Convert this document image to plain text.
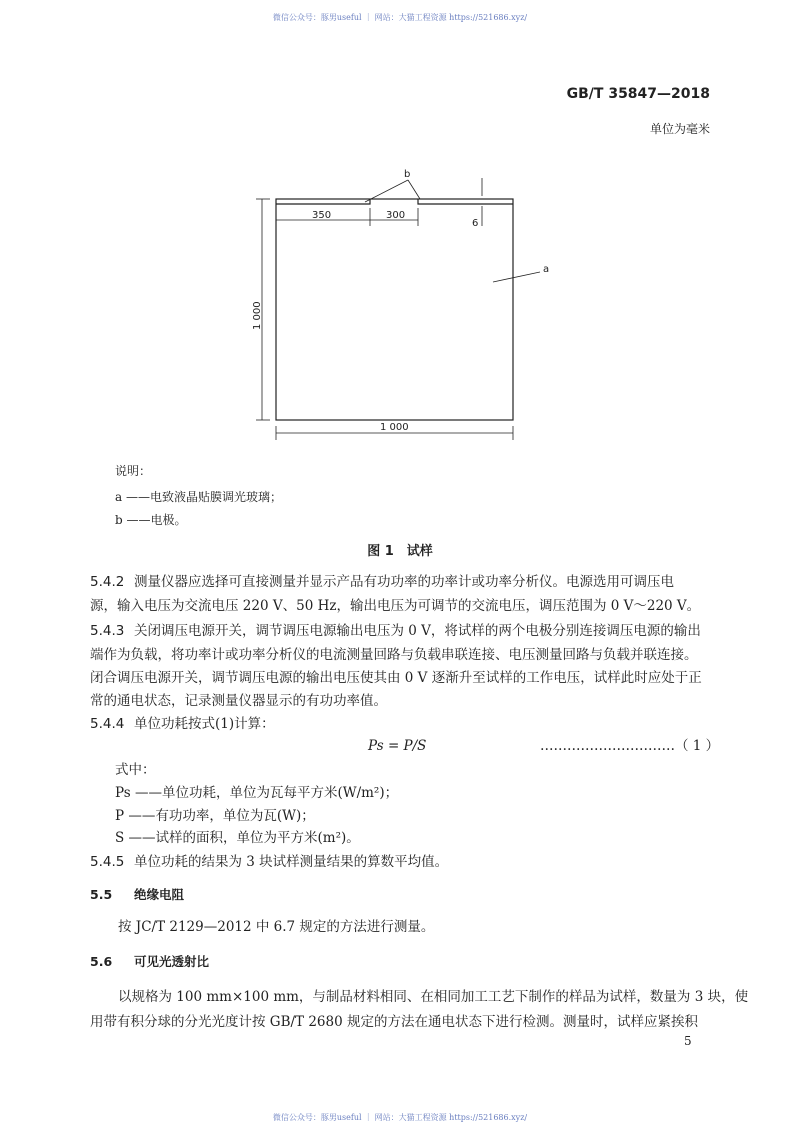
微信公众号：豚男useful ｜ 网站：大猫工程资源 https://521686.xyz/
GB/T 35847—2018
单位为毫米
350	300
6
b
a
1 000
1 000
说明：
a ——电致液晶贴膜调光玻璃；
b ——电极。
图 1　试样
5.4.2 测量仪器应选择可直接测量并显示产品有功功率的功率计或功率分析仪。电源选用可调压电
源，输入电压为交流电压 220 V、50 Hz，输出电压为可调节的交流电压，调压范围为 0 V～220 V。
5.4.3 关闭调压电源开关，调节调压电源输出电压为 0 V，将试样的两个电极分别连接调压电源的输出
端作为负载，将功率计或功率分析仪的电流测量回路与负载串联连接、电压测量回路与负载并联连接。
闭合调压电源开关，调节调压电源的输出电压使其由 0 V 逐渐升至试样的工作电压，试样此时应处于正
常的通电状态，记录测量仪器显示的有功功率值。
5.4.4 单位功耗按式(1)计算：
Ps = P/S	…………………………（ 1 ）
式中：
Ps ——单位功耗，单位为瓦每平方米(W/m²)；
P ——有功功率，单位为瓦(W)；
S ——试样的面积，单位为平方米(m²)。
5.4.5 单位功耗的结果为 3 块试样测量结果的算数平均值。
5.5 绝缘电阻
按 JC/T 2129—2012 中 6.7 规定的方法进行测量。
5.6 可见光透射比
以规格为 100 mm×100 mm，与制品材料相同、在相同加工工艺下制作的样品为试样，数量为 3 块，使
用带有积分球的分光光度计按 GB/T 2680 规定的方法在通电状态下进行检测。测量时，试样应紧挨积
5
微信公众号：豚男useful ｜ 网站：大猫工程资源 https://521686.xyz/
